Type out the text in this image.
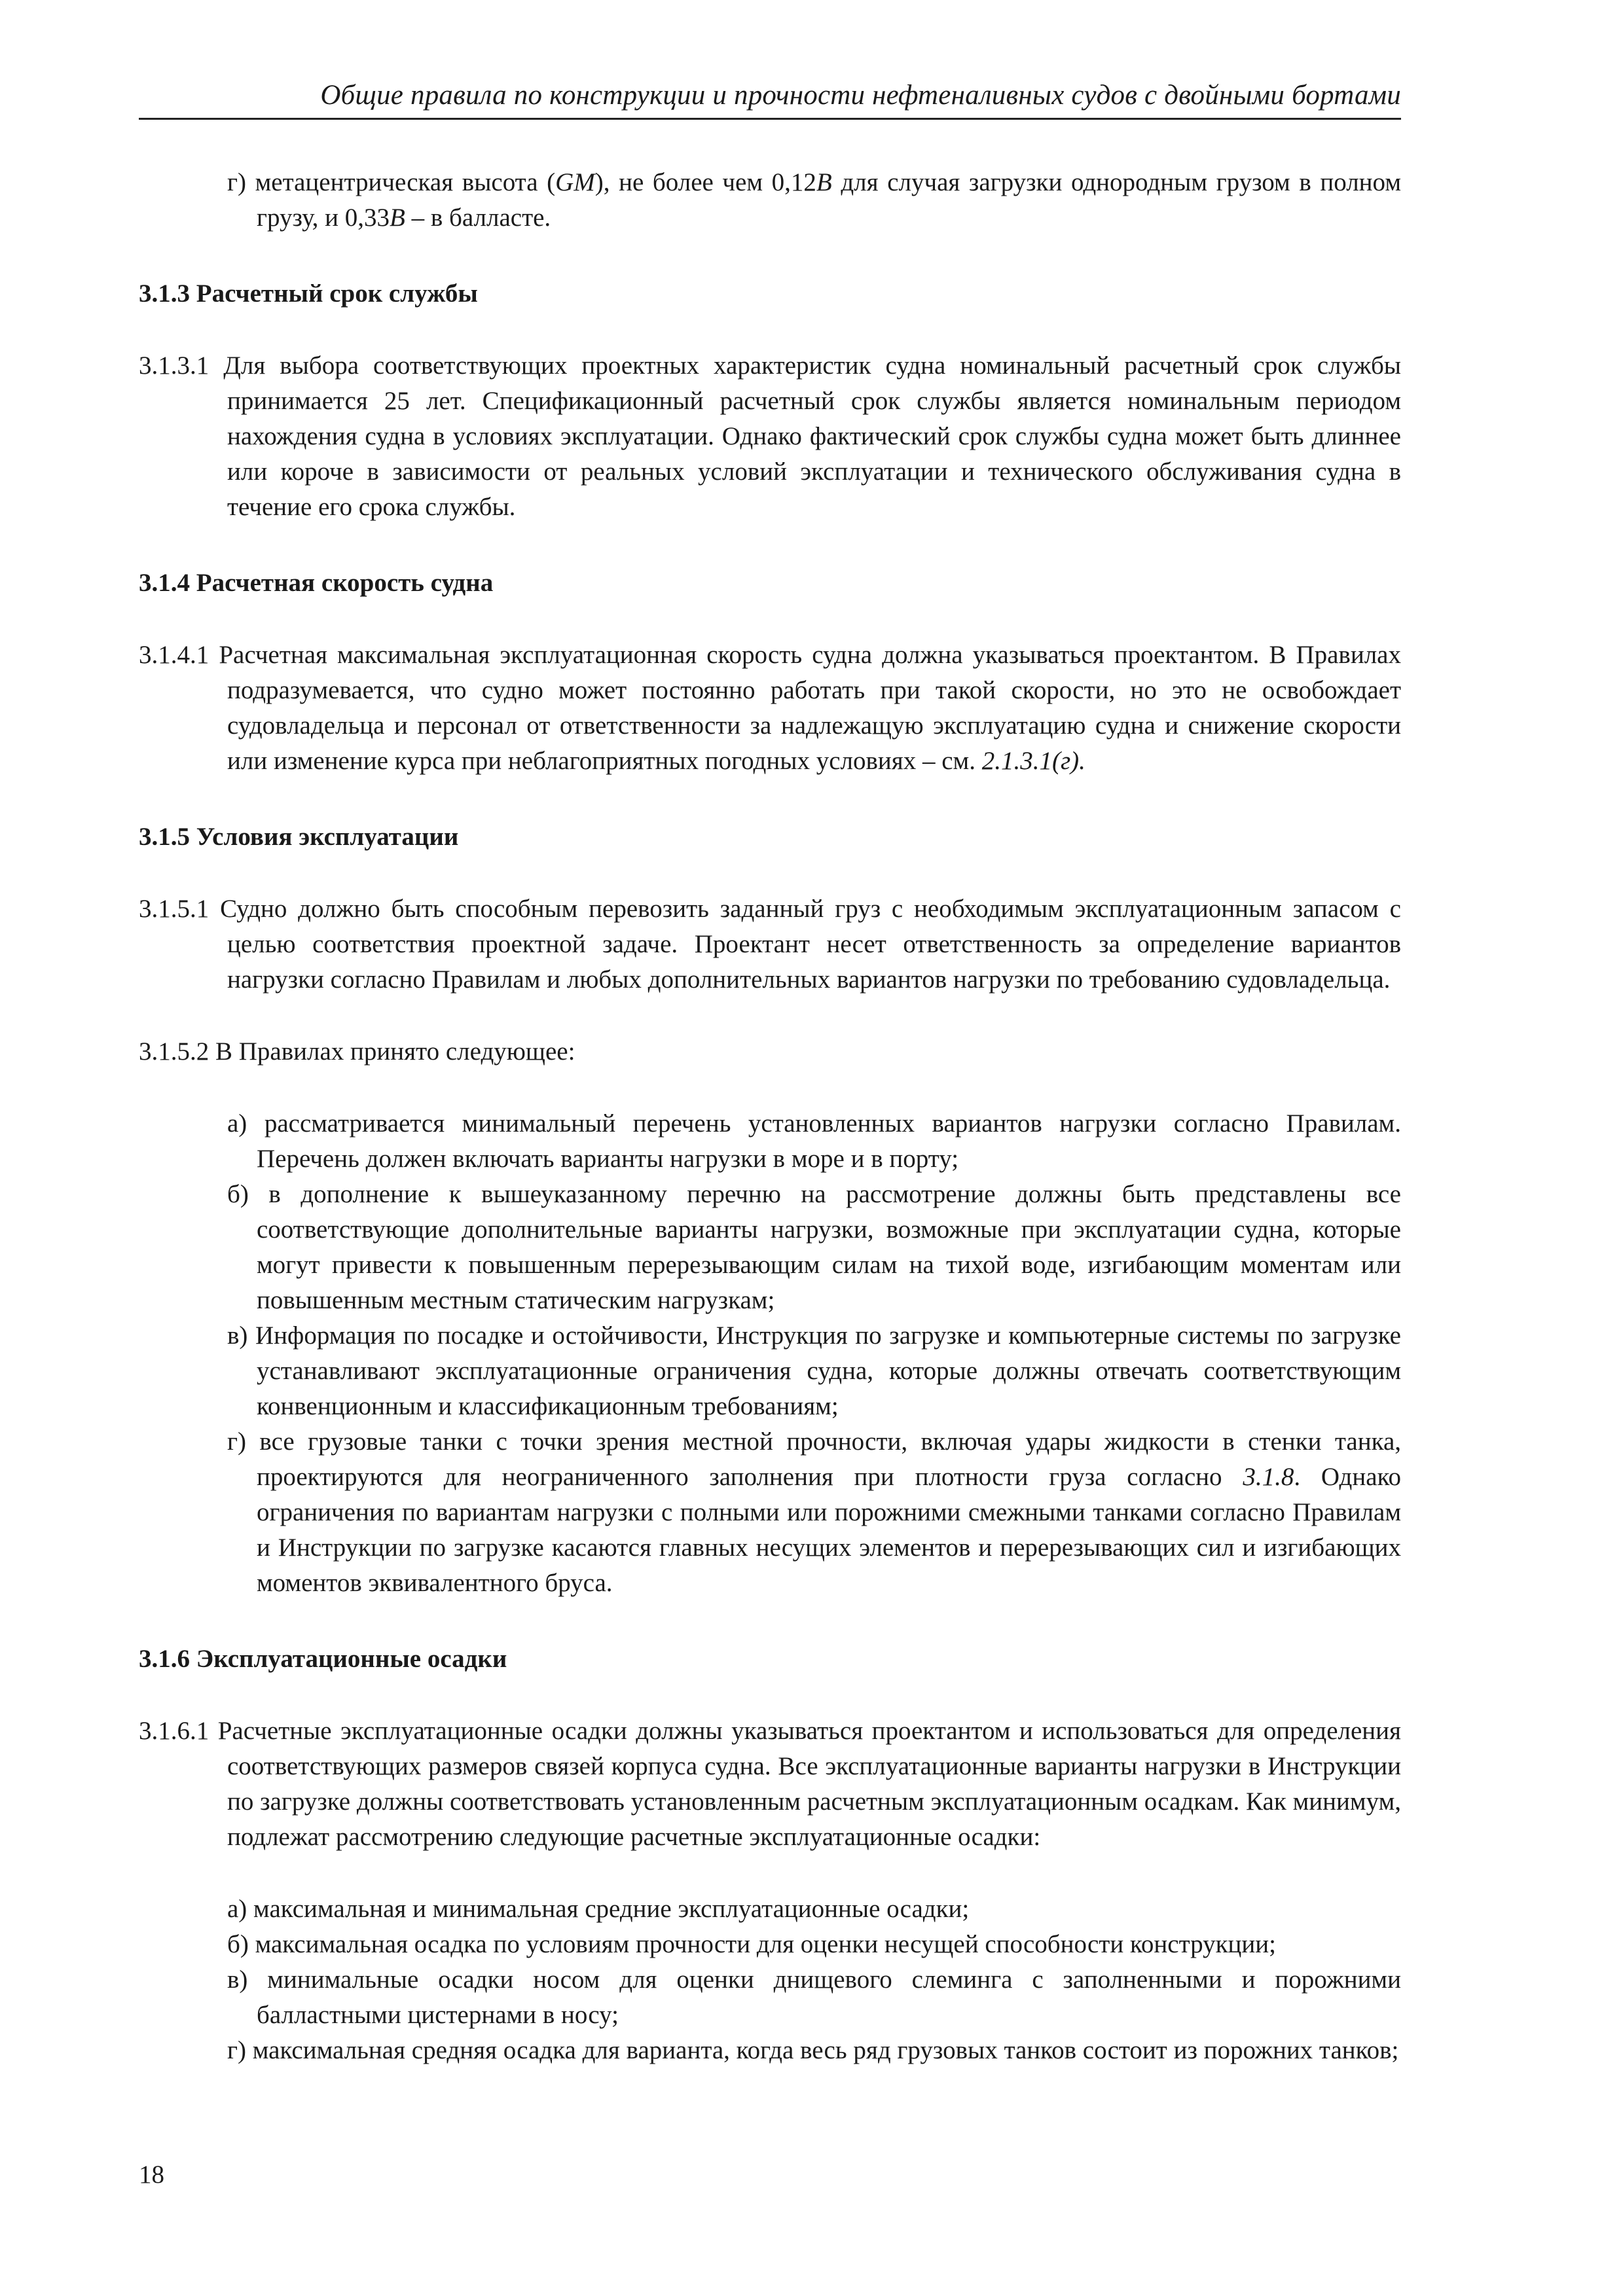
Общие правила по конструкции и прочности нефтеналивных судов с двойными бортами

г) метацентрическая высота (GM), не более чем 0,12B для случая загрузки однородным грузом в полном грузу, и 0,33B – в балласте.

3.1.3 Расчетный срок службы

3.1.3.1 Для выбора соответствующих проектных характеристик судна номинальный расчетный срок службы принимается 25 лет. Спецификационный расчетный срок службы является номинальным периодом нахождения судна в условиях эксплуатации. Однако фактический срок службы судна может быть длиннее или короче в зависимости от реальных условий эксплуатации и технического обслуживания судна в течение его срока службы.

3.1.4 Расчетная скорость судна

3.1.4.1 Расчетная максимальная эксплуатационная скорость судна должна указываться проектантом. В Правилах подразумевается, что судно может постоянно работать при такой скорости, но это не освобождает судовладельца и персонал от ответственности за надлежащую эксплуатацию судна и снижение скорости или изменение курса при неблагоприятных погодных условиях – см. 2.1.3.1(г).

3.1.5 Условия эксплуатации

3.1.5.1 Судно должно быть способным перевозить заданный груз с необходимым эксплуатационным запасом с целью соответствия проектной задаче. Проектант несет ответственность за определение вариантов нагрузки согласно Правилам и любых дополнительных вариантов нагрузки по требованию судовладельца.

3.1.5.2 В Правилах принято следующее:

а) рассматривается минимальный перечень установленных вариантов нагрузки согласно Правилам. Перечень должен включать варианты нагрузки в море и в порту;

б) в дополнение к вышеуказанному перечню на рассмотрение должны быть представлены все соответствующие дополнительные варианты нагрузки, возможные при эксплуатации судна, которые могут привести к повышенным перерезывающим силам на тихой воде, изгибающим моментам или повышенным местным статическим нагрузкам;

в) Информация по посадке и остойчивости, Инструкция по загрузке и компьютерные системы по загрузке устанавливают эксплуатационные ограничения судна, которые должны отвечать соответствующим конвенционным и классификационным требованиям;

г) все грузовые танки с точки зрения местной прочности, включая удары жидкости в стенки танка, проектируются для неограниченного заполнения при плотности груза согласно 3.1.8. Однако ограничения по вариантам нагрузки с полными или порожними смежными танками согласно Правилам и Инструкции по загрузке касаются главных несущих элементов и перерезывающих сил и изгибающих моментов эквивалентного бруса.

3.1.6 Эксплуатационные осадки

3.1.6.1 Расчетные эксплуатационные осадки должны указываться проектантом и использоваться для определения соответствующих размеров связей корпуса судна. Все эксплуатационные варианты нагрузки в Инструкции по загрузке должны соответствовать установленным расчетным эксплуатационным осадкам. Как минимум, подлежат рассмотрению следующие расчетные эксплуатационные осадки:

а) максимальная и минимальная средние эксплуатационные осадки;

б) максимальная осадка по условиям прочности для оценки несущей способности конструкции;

в) минимальные осадки носом для оценки днищевого слеминга с заполненными и порожними балластными цистернами в носу;

г) максимальная средняя осадка для варианта, когда весь ряд грузовых танков состоит из порожних танков;

18
